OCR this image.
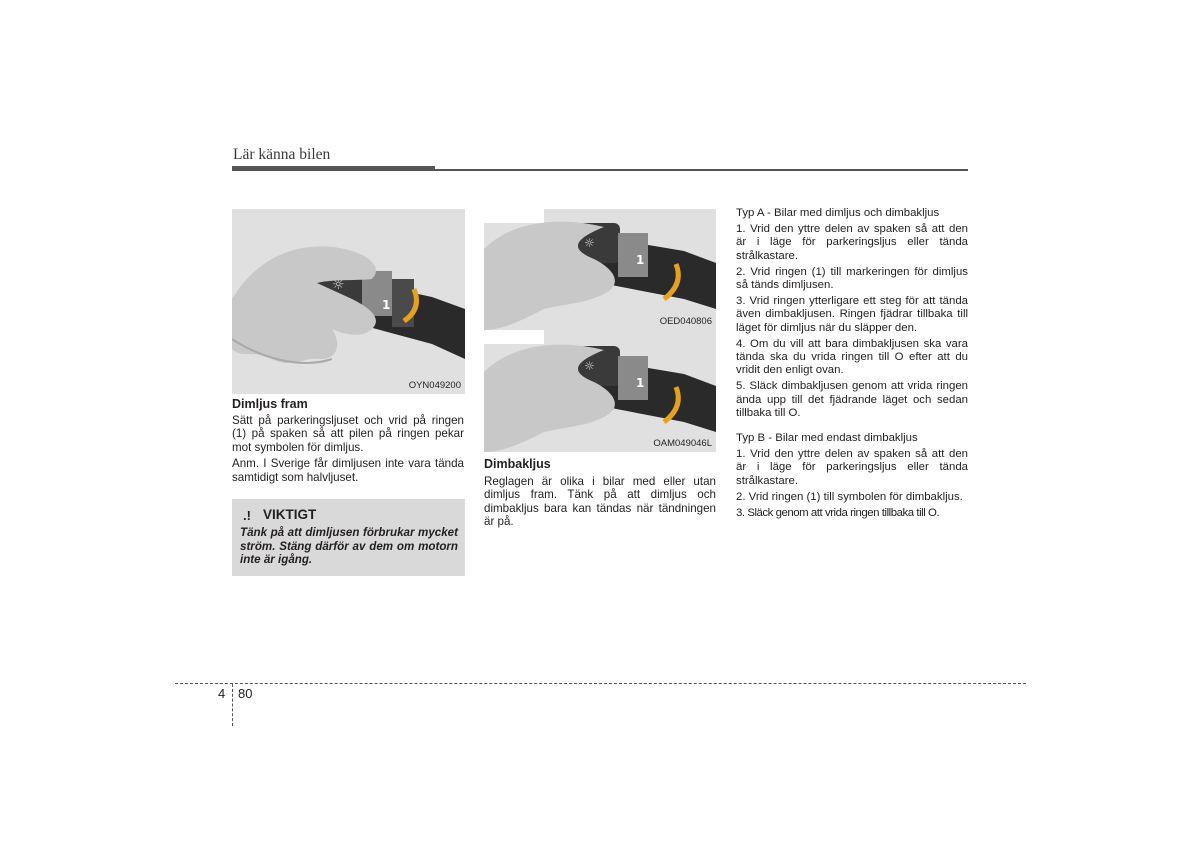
Lär känna bilen
☼
1
OYN049200
Dimljus fram

Sätt på parkeringsljuset och vrid på ringen (1) på spaken så att pilen på ringen pekar mot symbolen för dimljus.

Anm. I Sverige får dimljusen inte vara tända samtidigt som halvljuset.

.! VIKTIGT
Tänk på att dimljusen förbrukar mycket ström. Stäng därför av dem om motorn inte är igång.
☼
1
OED040806
☼
1
OAM049046L
Dimbakljus

Reglagen är olika i bilar med eller utan dimljus fram. Tänk på att dimljus och dimbakljus bara kan tändas när tändningen är på.

Typ A - Bilar med dimljus och dimbakljus

1. Vrid den yttre delen av spaken så att den är i läge för parkeringsljus eller tända strålkastare.

2. Vrid ringen (1) till markeringen för dimljus så tänds dimljusen.

3. Vrid ringen ytterligare ett steg för att tända även dimbakljusen. Ringen fjädrar tillbaka till läget för dimljus när du släpper den.

4. Om du vill att bara dimbakljusen ska vara tända ska du vrida ringen till O efter att du vridit den enligt ovan.

5. Släck dimbakljusen genom att vrida ringen ända upp till det fjädrande läget och sedan tillbaka till O.

Typ B - Bilar med endast dimbakljus

1. Vrid den yttre delen av spaken så att den är i läge för parkeringsljus eller tända strålkastare.

2. Vrid ringen (1) till symbolen för dimbakljus.

3. Släck genom att vrida ringen tillbaka till O.

4 80
